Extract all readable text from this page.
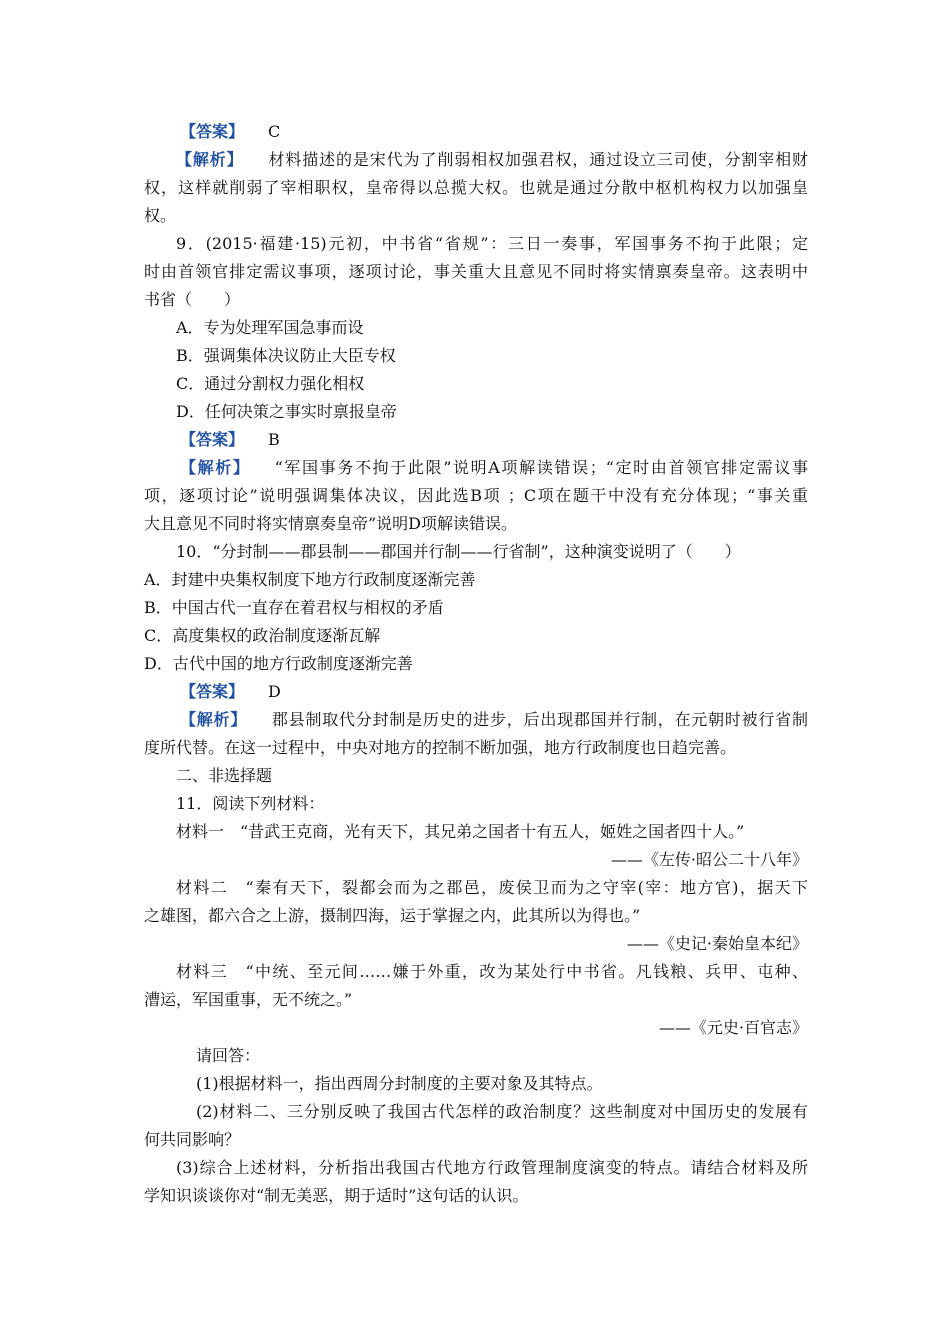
【答案】 C
【解析】 材料描述的是宋代为了削弱相权加强君权，通过设立三司使，分割宰相财
权，这样就削弱了宰相职权，皇帝得以总揽大权。也就是通过分散中枢机构权力以加强皇
权。
9．(2015·福建·15)元初，中书省“省规”：三日一奏事，军国事务不拘于此限；定
时由首领官排定需议事项，逐项讨论，事关重大且意见不同时将实情禀奏皇帝。这表明中
书省（　　）
A．专为处理军国急事而设
B．强调集体决议防止大臣专权
C．通过分割权力强化相权
D．任何决策之事实时禀报皇帝
【答案】 B
【解析】 “军国事务不拘于此限”说明A项解读错误；“定时由首领官排定需议事
项，逐项讨论”说明强调集体决议，因此选B项 ；C项在题干中没有充分体现；“事关重
大且意见不同时将实情禀奏皇帝”说明D项解读错误。
10．“分封制——郡县制——郡国并行制——行省制”，这种演变说明了（　　）
A．封建中央集权制度下地方行政制度逐渐完善
B．中国古代一直存在着君权与相权的矛盾
C．高度集权的政治制度逐渐瓦解
D．古代中国的地方行政制度逐渐完善
【答案】 D
【解析】 郡县制取代分封制是历史的进步，后出现郡国并行制，在元朝时被行省制
度所代替。在这一过程中，中央对地方的控制不断加强，地方行政制度也日趋完善。
二、非选择题
11．阅读下列材料：
材料一　“昔武王克商，光有天下，其兄弟之国者十有五人，姬姓之国者四十人。”
——《左传·昭公二十八年》
材料二　“秦有天下，裂都会而为之郡邑，废侯卫而为之守宰(宰：地方官)，据天下
之雄图，都六合之上游，摄制四海，运于掌握之内，此其所以为得也。”
——《史记·秦始皇本纪》
材料三　“中统、至元间……嫌于外重，改为某处行中书省。凡钱粮、兵甲、屯种、
漕运，军国重事，无不统之。”
——《元史·百官志》
请回答：
(1)根据材料一，指出西周分封制度的主要对象及其特点。
(2)材料二、三分别反映了我国古代怎样的政治制度？这些制度对中国历史的发展有
何共同影响？
(3)综合上述材料，分析指出我国古代地方行政管理制度演变的特点。请结合材料及所
学知识谈谈你对“制无美恶，期于适时”这句话的认识。
